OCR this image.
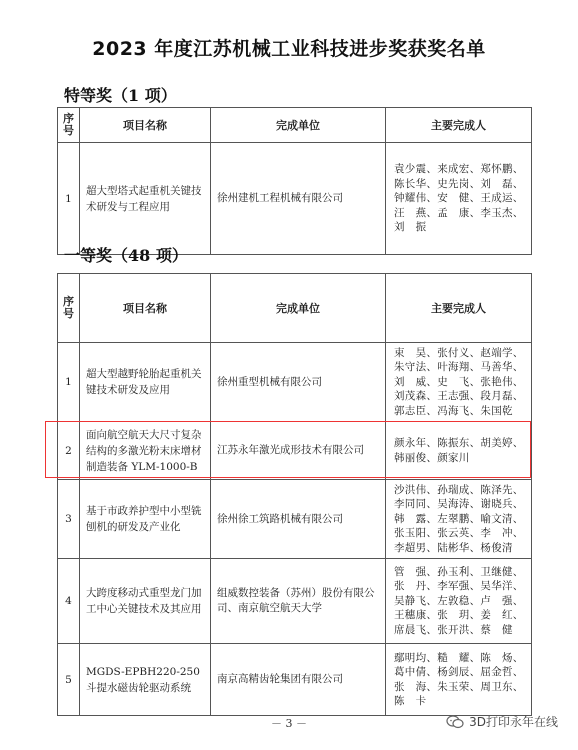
2023 年度江苏机械工业科技进步奖获奖名单
特等奖（1 项）
序号	项目名称	完成单位	主要完成人
1	超大型塔式起重机关键技术研发与工程应用	徐州建机工程机械有限公司	袁少震、来成宏、郑怀鹏、陈长华、史先岗、刘　磊、钟耀伟、安　健、王成运、汪　燕、孟　康、李玉杰、刘　振
一等奖（48 项）
序号	项目名称	完成单位	主要完成人
1	超大型越野轮胎起重机关键技术研发及应用	徐州重型机械有限公司	束　昊、张付义、赵端学、朱守法、叶海翔、马善华、刘　威、史　飞、张艳伟、刘茂森、王志强、段月磊、郭志臣、冯海飞、朱国乾
2	面向航空航天大尺寸复杂结构的多激光粉末床增材制造装备 YLM-1000-B	江苏永年激光成形技术有限公司	颜永年、陈振东、胡美婷、韩丽俊、颜家川
3	基于市政养护型中小型铣刨机的研发及产业化	徐州徐工筑路机械有限公司	沙洪伟、孙瑞成、陈泽先、李同同、吴海涛、谢晓兵、韩　露、左翠鹏、喻文清、张玉阳、张云英、李　冲、李超男、陆彬华、杨俊清
4	大跨度移动式重型龙门加工中心关键技术及其应用	组威数控装备（苏州）股份有限公司、南京航空航天大学	管　强、孙玉利、卫继健、张　丹、李军强、吴华洋、吴静飞、左敦稳、卢　强、王穗康、张　玥、姜　红、席晨飞、张开洪、蔡　健
5	MGDS-EPBH220-250 斗提水磁齿轮驱动系统	南京高精齿轮集团有限公司	鄢明均、糙　耀、陈　炀、葛中倩、杨剑辰、屈金哲、张　海、朱玉荣、周卫东、陈　卡
－ 3 －	3D打印永年在线
